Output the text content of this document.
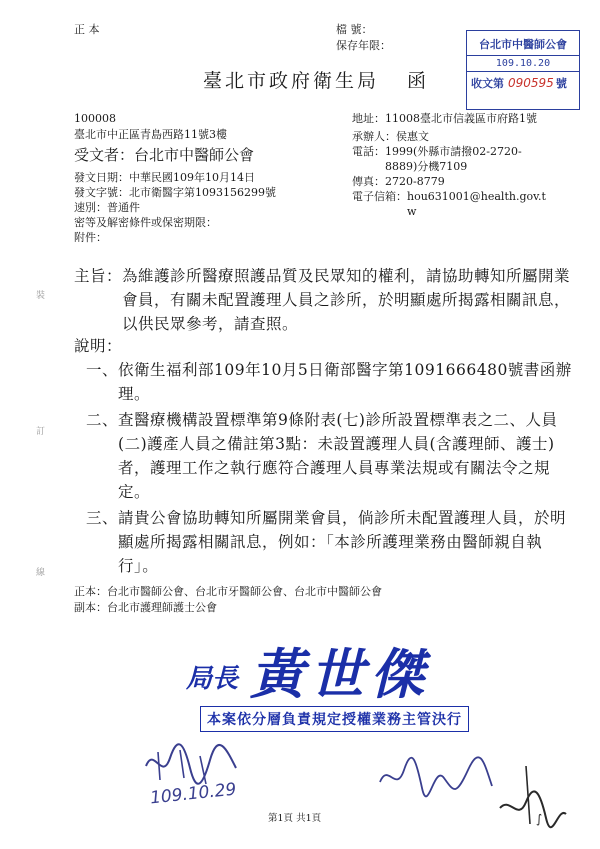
正 本	檔 號：
保存年限：	台北市中醫師公會
109.10.20
收文第 090595 號
臺北市政府衛生局 函
100008
臺北市中正區青島西路11號3樓
受文者：台北市中醫師公會
地址： 11008臺北市信義區市府路1號
承辦人： 侯惠文
電話： 1999(外縣市請撥02-2720-8889)分機7109
傳真： 2720-8779
電子信箱： hou631001@health.gov.tw
發文日期：中華民國109年10月14日
發文字號：北市衛醫字第1093156299號
速別：普通件
密等及解密條件或保密期限：
附件：
裝
訂
線
主旨： 為維護診所醫療照護品質及民眾知的權利，請協助轉知所屬開業會員，有關未配置護理人員之診所，於明顯處所揭露相關訊息，以供民眾參考，請查照。
說明：
一、 依衛生福利部109年10月5日衛部醫字第1091666480號書函辦理。
二、 查醫療機構設置標準第9條附表(七)診所設置標準表之二、人員(二)護產人員之備註第3點：未設置護理人員(含護理師、護士)者，護理工作之執行應符合護理人員專業法規或有關法令之規定。
三、 請貴公會協助轉知所屬開業會員，倘診所未配置護理人員，於明顯處所揭露相關訊息，例如：「本診所護理業務由醫師親自執行」。
正本：台北市醫師公會、台北市牙醫師公會、台北市中醫師公會
副本：台北市護理師護士公會
局長 黃世傑
本案依分層負責規定授權業務主管決行
109.10.29
∫
第1頁 共1頁
